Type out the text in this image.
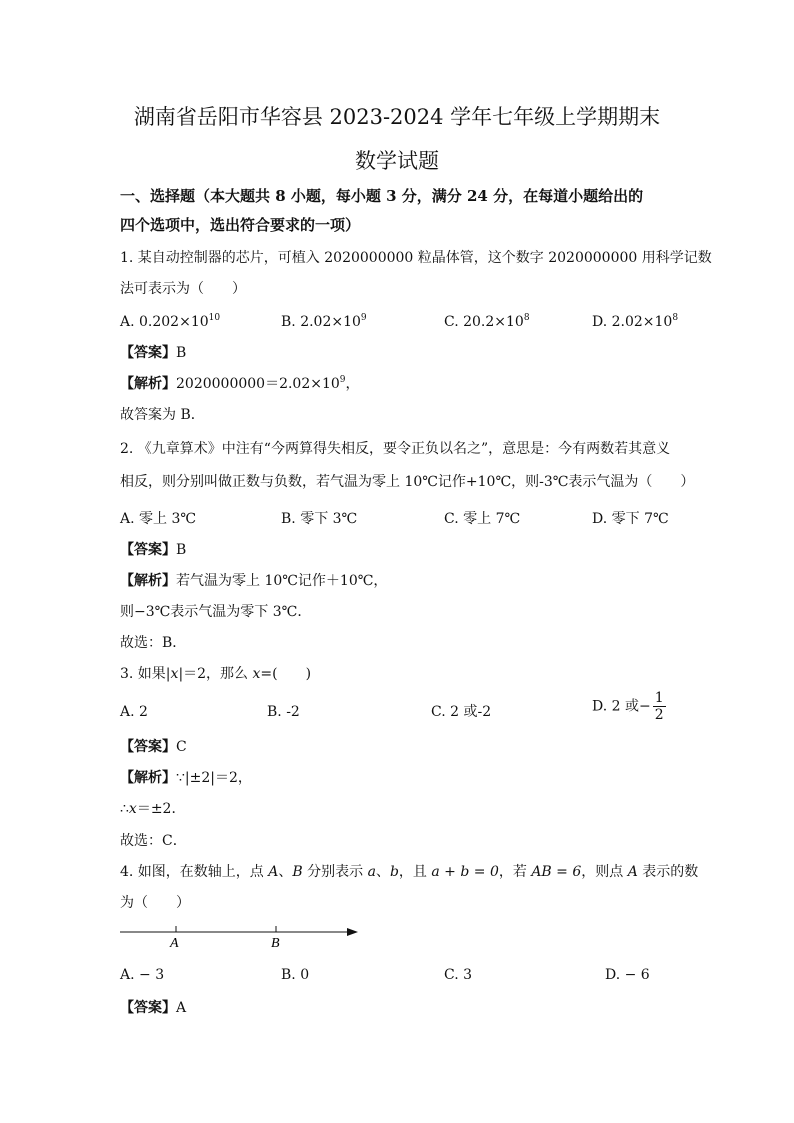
湖南省岳阳市华容县 2023-2024 学年七年级上学期期末
数学试题
一、选择题（本大题共 8 小题，每小题 3 分，满分 24 分，在每道小题给出的
四个选项中，选出符合要求的一项）
1. 某自动控制器的芯片，可植入 2020000000 粒晶体管，这个数字 2020000000 用科学记数
法可表示为（　　）
A. $0.202\times 10^{10}$	B. $2.02\times 10^9$	C. $20.2\times 10^8$	D. $2.02\times 10^8$
【答案】B
【解析】$2020000000=2.02\times 10^9$，
故答案为 B．
2. 《九章算术》中注有“今两算得失相反，要令正负以名之”，意思是：今有两数若其意义
相反，则分别叫做正数与负数，若气温为零上 10℃记作+10℃，则-3℃表示气温为（　　）
A. 零上 3℃	B. 零下 3℃	C. 零上 7℃	D. 零下 7℃
【答案】B
【解析】若气温为零上 10℃记作＋10℃，
则−3℃表示气温为零下 3℃．
故选：B．
3. 如果|x|＝2，那么 x=(　　)
A. 2	B. -2	C. 2 或-2	D. 2 或− $\frac{1}{2}$
【答案】C
【解析】∵|±2|＝2，
∴x＝±2．
故选：C．
4. 如图，在数轴上，点 A、B 分别表示 a、b，且 a + b = 0，若 AB = 6，则点 A 表示的数
为（　　）
A	B
A. − 3	B. 0	C. 3	D. − 6
【答案】A
